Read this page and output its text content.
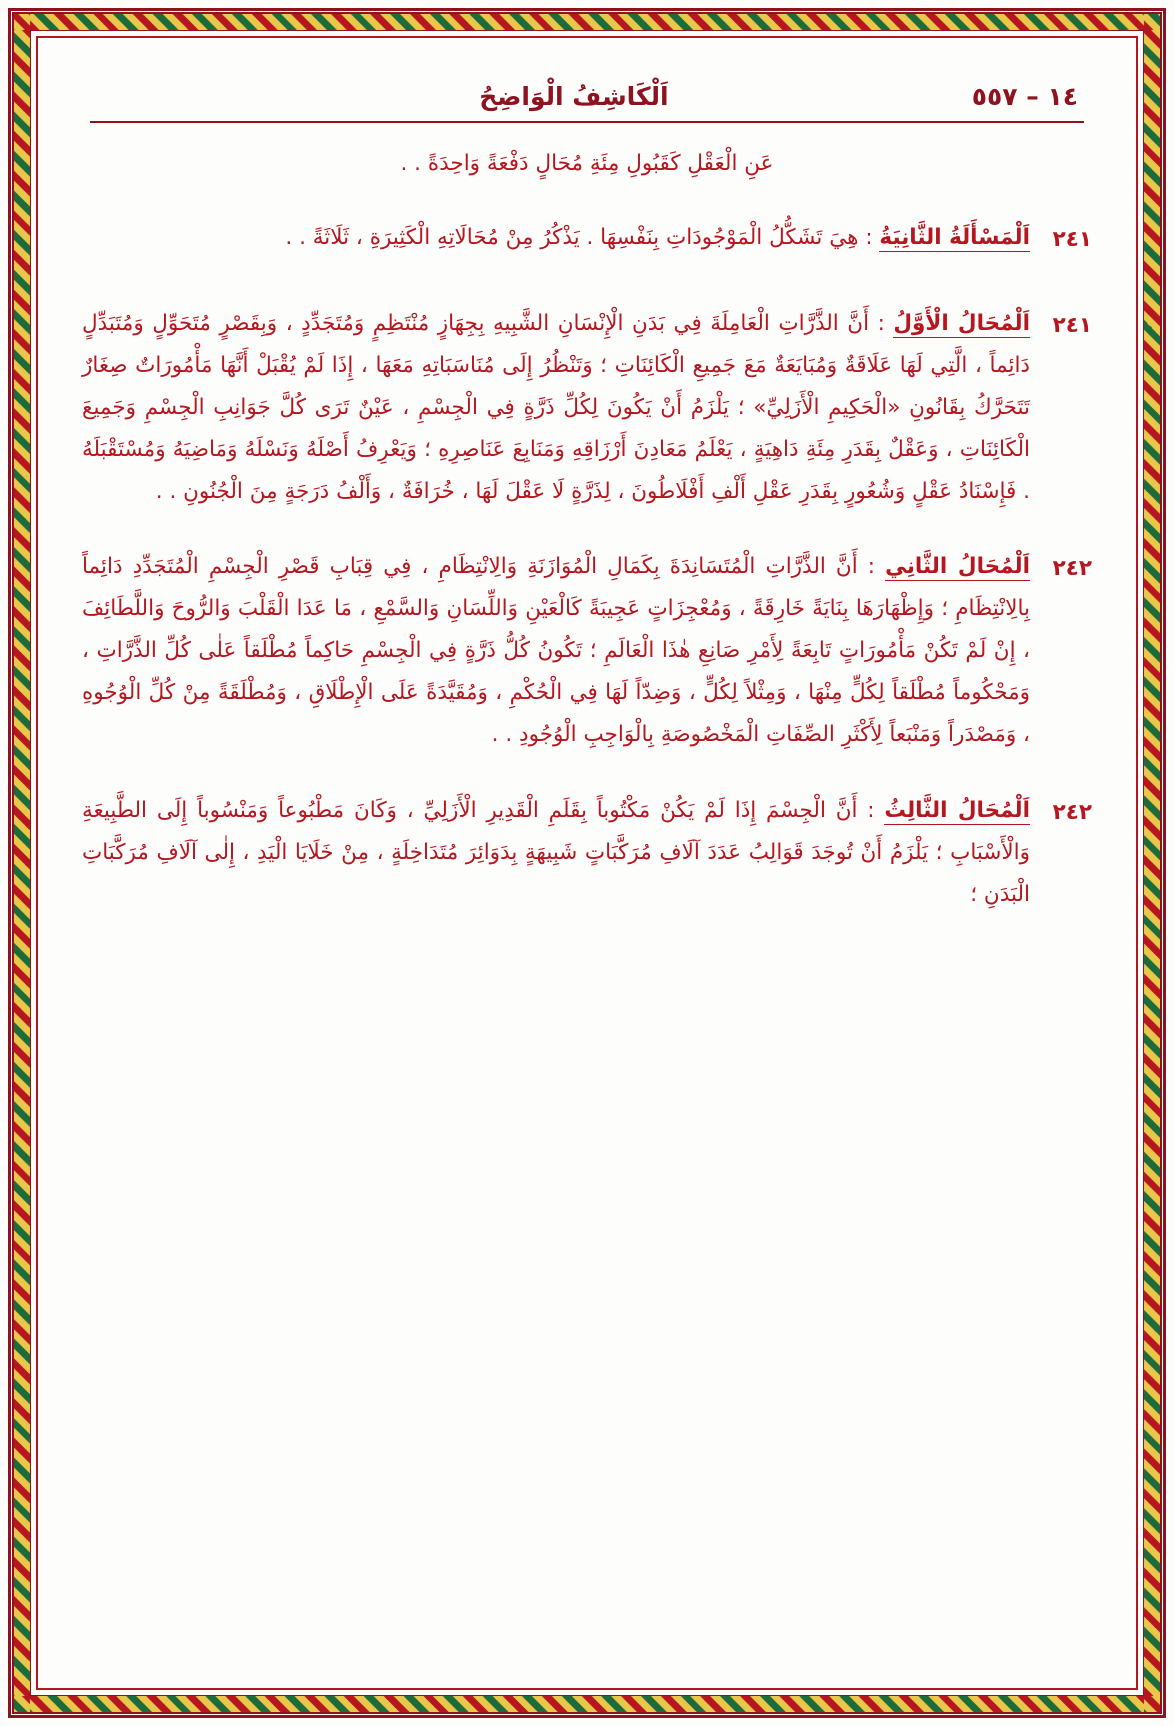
اَلْكَاشِفُ الْوَاضِحُ	١٤ – ٥٥٧

عَنِ الْعَقْلِ كَقَبُولِ مِئَةِ مُحَالٍ دَفْعَةً وَاحِدَةً . .

٢٤١
اَلْمَسْأَلَةُ الثَّانِيَةُ : هِيَ تَشَكُّلُ الْمَوْجُودَاتِ بِنَفْسِهَا . يَذْكُرُ مِنْ مُحَالَاتِهِ الْكَثِيرَةِ ، ثَلَاثَةً . .

٢٤١
اَلْمُحَالُ الْأَوَّلُ : أَنَّ الذَّرَّاتِ الْعَامِلَةَ فِي بَدَنِ الْإِنْسَانِ الشَّبِيهِ بِجِهَازٍ مُنْتَظِمٍ وَمُتَجَدِّدٍ ، وَبِقَصْرٍ مُتَحَوِّلٍ وَمُتَبَدِّلٍ دَائِماً ، الَّتِي لَهَا عَلَاقَةٌ وَمُبَايَعَةٌ مَعَ جَمِيعِ الْكَائِنَاتِ ؛ وَتَنْظُرُ إِلَى مُنَاسَبَاتِهِ مَعَهَا ، إِذَا لَمْ يُقْبَلْ أَنَّهَا مَأْمُورَاتٌ صِغَارٌ تَتَحَرَّكُ بِقَانُونِ «الْحَكِيمِ الْأَزَلِيِّ» ؛ يَلْزَمُ أَنْ يَكُونَ لِكُلِّ ذَرَّةٍ فِي الْجِسْمِ ، عَيْنٌ تَرَى كُلَّ جَوَانِبِ الْجِسْمِ وَجَمِيعَ الْكَائِنَاتِ ، وَعَقْلٌ بِقَدَرِ مِئَةِ دَاهِيَةٍ ، يَعْلَمُ مَعَادِنَ أَرْزَاقِهِ وَمَنَابِعَ عَنَاصِرِهِ ؛ وَيَعْرِفُ أَصْلَهُ وَنَسْلَهُ وَمَاضِيَهُ وَمُسْتَقْبَلَهُ . فَإِسْنَادُ عَقْلٍ وَشُعُورٍ بِقَدَرِ عَقْلِ أَلْفِ أَفْلَاطُونَ ، لِذَرَّةٍ لَا عَقْلَ لَهَا ، خُرَافَةٌ ، وَأَلْفُ دَرَجَةٍ مِنَ الْجُنُونِ . .

٢٤٢
اَلْمُحَالُ الثَّانِي : أَنَّ الذَّرَّاتِ الْمُتَسَانِدَةَ بِكَمَالِ الْمُوَازَنَةِ وَالِانْتِظَامِ ، فِي قِبَابِ قَصْرِ الْجِسْمِ الْمُتَجَدِّدِ دَائِماً بِالِانْتِظَامِ ؛ وَإِظْهَارَهَا بِنَايَةً خَارِقَةً ، وَمُعْجِزَاتٍ عَجِيبَةً كَالْعَيْنِ وَاللِّسَانِ وَالسَّمْعِ ، مَا عَدَا الْقَلْبَ وَالرُّوحَ وَاللَّطَائِفَ ، إِنْ لَمْ تَكُنْ مَأْمُورَاتٍ تَابِعَةً لِأَمْرِ صَانِعِ هٰذَا الْعَالَمِ ؛ تَكُونُ كُلُّ ذَرَّةٍ فِي الْجِسْمِ حَاكِماً مُطْلَقاً عَلٰى كُلِّ الذَّرَّاتِ ، وَمَحْكُوماً مُطْلَقاً لِكُلٍّ مِنْهَا ، وَمِثْلاً لِكُلٍّ ، وَضِدّاً لَهَا فِي الْحُكْمِ ، وَمُقَيَّدَةً عَلَى الْإِطْلَاقِ ، وَمُطْلَقَةً مِنْ كُلِّ الْوُجُوهِ ، وَمَصْدَراً وَمَنْبَعاً لِأَكْثَرِ الصِّفَاتِ الْمَخْصُوصَةِ بِالْوَاجِبِ الْوُجُودِ . .

٢٤٢
اَلْمُحَالُ الثَّالِثُ : أَنَّ الْجِسْمَ إِذَا لَمْ يَكُنْ مَكْتُوباً بِقَلَمِ الْقَدِيرِ الْأَزَلِيِّ ، وَكَانَ مَطْبُوعاً وَمَنْسُوباً إِلَى الطَّبِيعَةِ وَالْأَسْبَابِ ؛ يَلْزَمُ أَنْ تُوجَدَ قَوَالِبُ عَدَدَ آلَافِ مُرَكَّبَاتٍ شَبِيهَةٍ بِدَوَائِرَ مُتَدَاخِلَةٍ ، مِنْ خَلَايَا الْيَدِ ، إِلٰى آلَافِ مُرَكَّبَاتِ الْبَدَنِ ؛
